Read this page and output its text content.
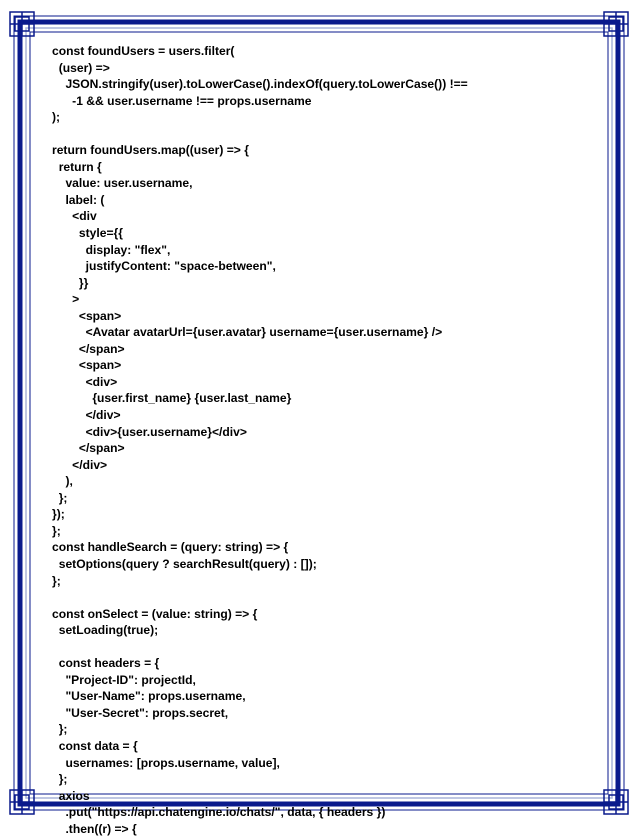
const foundUsers = users.filter(
(user) =>
JSON.stringify(user).toLowerCase().indexOf(query.toLowerCase()) !==
-1 && user.username !== props.username
);
return foundUsers.map((user) => {
return {
value: user.username,
label: (
<div
style={{
display: "flex",
justifyContent: "space-between",
}}
>
<span>
<Avatar avatarUrl={user.avatar} username={user.username} />
</span>
<span>
<div>
{user.first_name} {user.last_name}
</div>
<div>{user.username}</div>
</span>
</div>
),
};
});
};
const handleSearch = (query: string) => {
setOptions(query ? searchResult(query) : []);
};
const onSelect = (value: string) => {
setLoading(true);
const headers = {
"Project-ID": projectId,
"User-Name": props.username,
"User-Secret": props.secret,
};
const data = {
usernames: [props.username, value],
};
axios
.put("https://api.chatengine.io/chats/", data, { headers })
.then((r) => {
